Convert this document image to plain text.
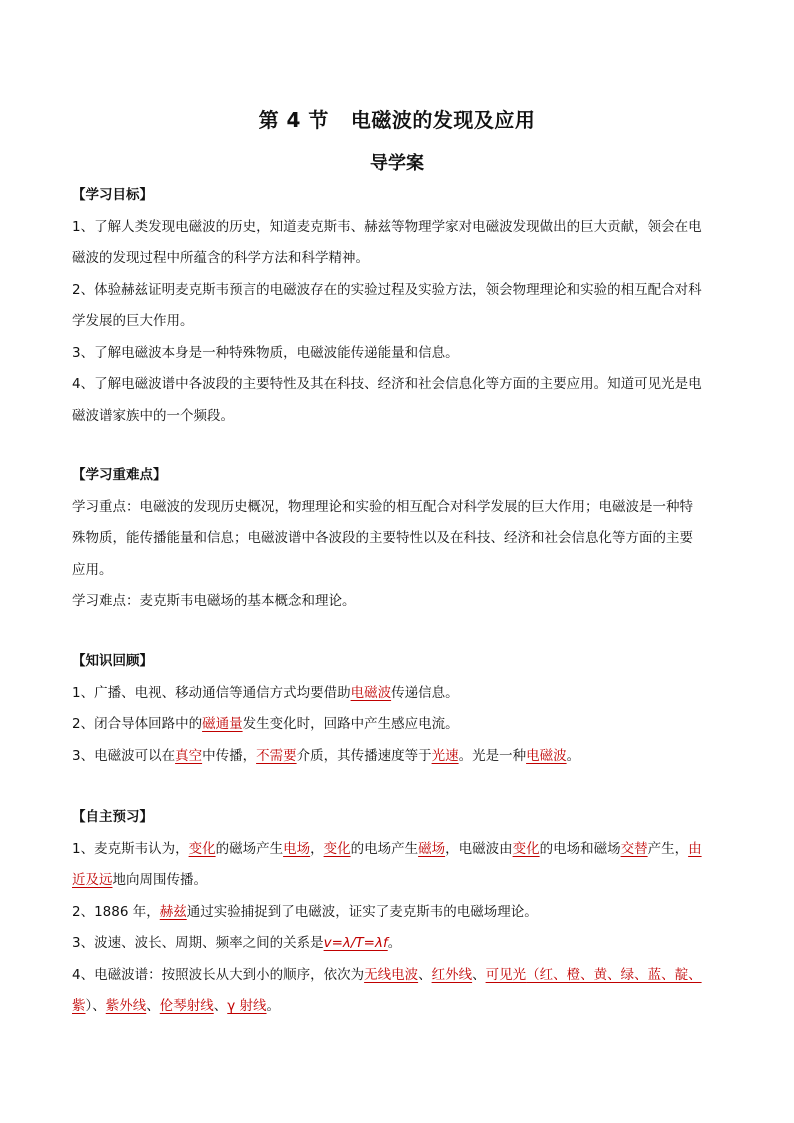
第 4 节 电磁波的发现及应用
导学案
【学习目标】
1、了解人类发现电磁波的历史，知道麦克斯韦、赫兹等物理学家对电磁波发现做出的巨大贡献，领会在电
磁波的发现过程中所蕴含的科学方法和科学精神。
2、体验赫兹证明麦克斯韦预言的电磁波存在的实验过程及实验方法，领会物理理论和实验的相互配合对科
学发展的巨大作用。
3、了解电磁波本身是一种特殊物质，电磁波能传递能量和信息。
4、了解电磁波谱中各波段的主要特性及其在科技、经济和社会信息化等方面的主要应用。知道可见光是电
磁波谱家族中的一个频段。
【学习重难点】
学习重点：电磁波的发现历史概况，物理理论和实验的相互配合对科学发展的巨大作用；电磁波是一种特
殊物质，能传播能量和信息；电磁波谱中各波段的主要特性以及在科技、经济和社会信息化等方面的主要
应用。
学习难点：麦克斯韦电磁场的基本概念和理论。
【知识回顾】
1、广播、电视、移动通信等通信方式均要借助电磁波传递信息。
2、闭合导体回路中的磁通量发生变化时，回路中产生感应电流。
3、电磁波可以在真空中传播，不需要介质，其传播速度等于光速。光是一种电磁波。
【自主预习】
1、麦克斯韦认为，变化的磁场产生电场，变化的电场产生磁场，电磁波由变化的电场和磁场交替产生，由
近及远地向周围传播。
2、1886 年，赫兹通过实验捕捉到了电磁波，证实了麦克斯韦的电磁场理论。
3、波速、波长、周期、频率之间的关系是v=λ/T=λf。
4、电磁波谱：按照波长从大到小的顺序，依次为无线电波、红外线、可见光（红、橙、黄、绿、蓝、靛、
紫）、紫外线、伦琴射线、γ 射线。
